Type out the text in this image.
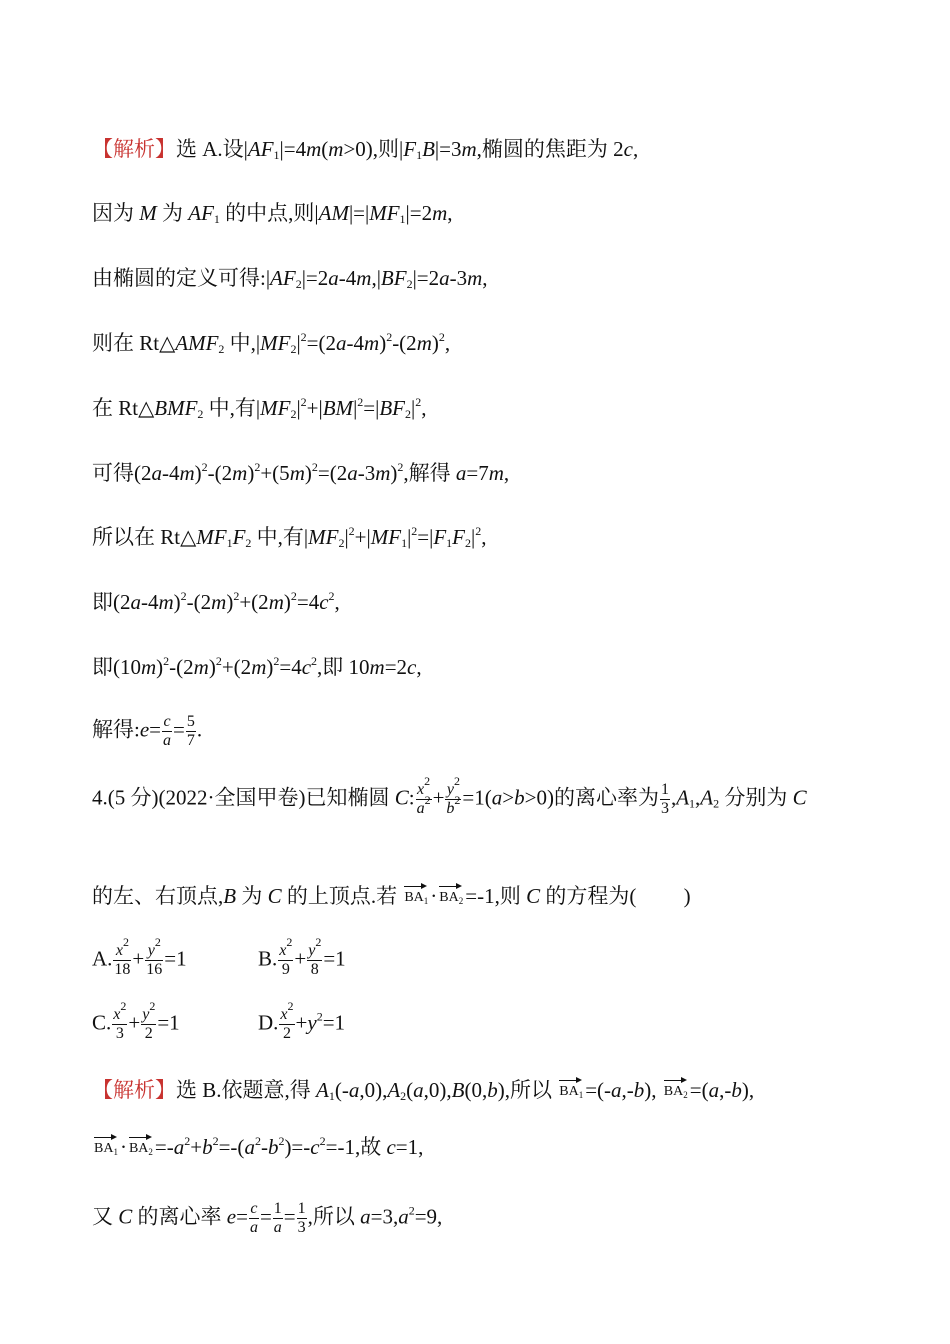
【解析】选 A.设$|AF_1|=4m(m>0)$,则$|F_1B|=3m$,椭圆的焦距为 2c,
因为 M 为 $AF_1$ 的中点,则$|AM|=|MF_1|=2m$,
由椭圆的定义可得$:|AF_2|=2a-4m,|BF_2|=2a-3m$,
则在 $Rt\triangle AMF_2$ 中$,|MF_2|^2=(2a-4m)^2-(2m)^2$,
在 $Rt\triangle BMF_2$ 中,有$|MF_2|^2+|BM|^2=|BF_2|^2$,
可得$(2a-4m)^2-(2m)^2+(5m)^2=(2a-3m)^2$,解得 a=7m,
所以在 $Rt\triangle MF_1F_2$ 中,有$|MF_2|^2+|MF_1|^2=|F_1F_2|^2$,
即$(2a-4m)^2-(2m)^2+(2m)^2=4c^2$,
即$(10m)^2-(2m)^2+(2m)^2=4c^2$,即 10m=2c,
解得:e= $\frac{c}{a} = \frac{5}{7}$ .
4.(5 分)(2022·全国甲卷)已知椭圆 C: $\frac{x^2}{a^2} + \frac{y^2}{b^2} =1(a>b>0)$的离心率为 $\frac{1}{3} ,A_1,A_2$ 分别为 C
的左、右顶点,B 为 C 的上顶点.若 $BA_1\cdot BA_2=-1$,则 C 的方程为(         )
A. $\frac{x^2}{18} + \frac{y^2}{16} =1$	B. $\frac{x^2}{9} + \frac{y^2}{8} =1$
C. $\frac{x^2}{3} + \frac{y^2}{2} =1$	D. $\frac{x^2}{2} +y^2=1$
【解析】选 B.依题意,得 $A_1(-a,0),A_2(a,0),B(0,b)$,所以 $BA_1=(-a,-b)$, $BA_2=(a,-b)$,
$BA_1\cdot BA_2=-a^2+b^2=-(a^2-b^2)=-c^2=-1$,故 c=1,
又 C 的离心率 $e= \frac{c}{a} = \frac{1}{a} = \frac{1}{3}$ ,所以 $a=3,a^2=9$,
